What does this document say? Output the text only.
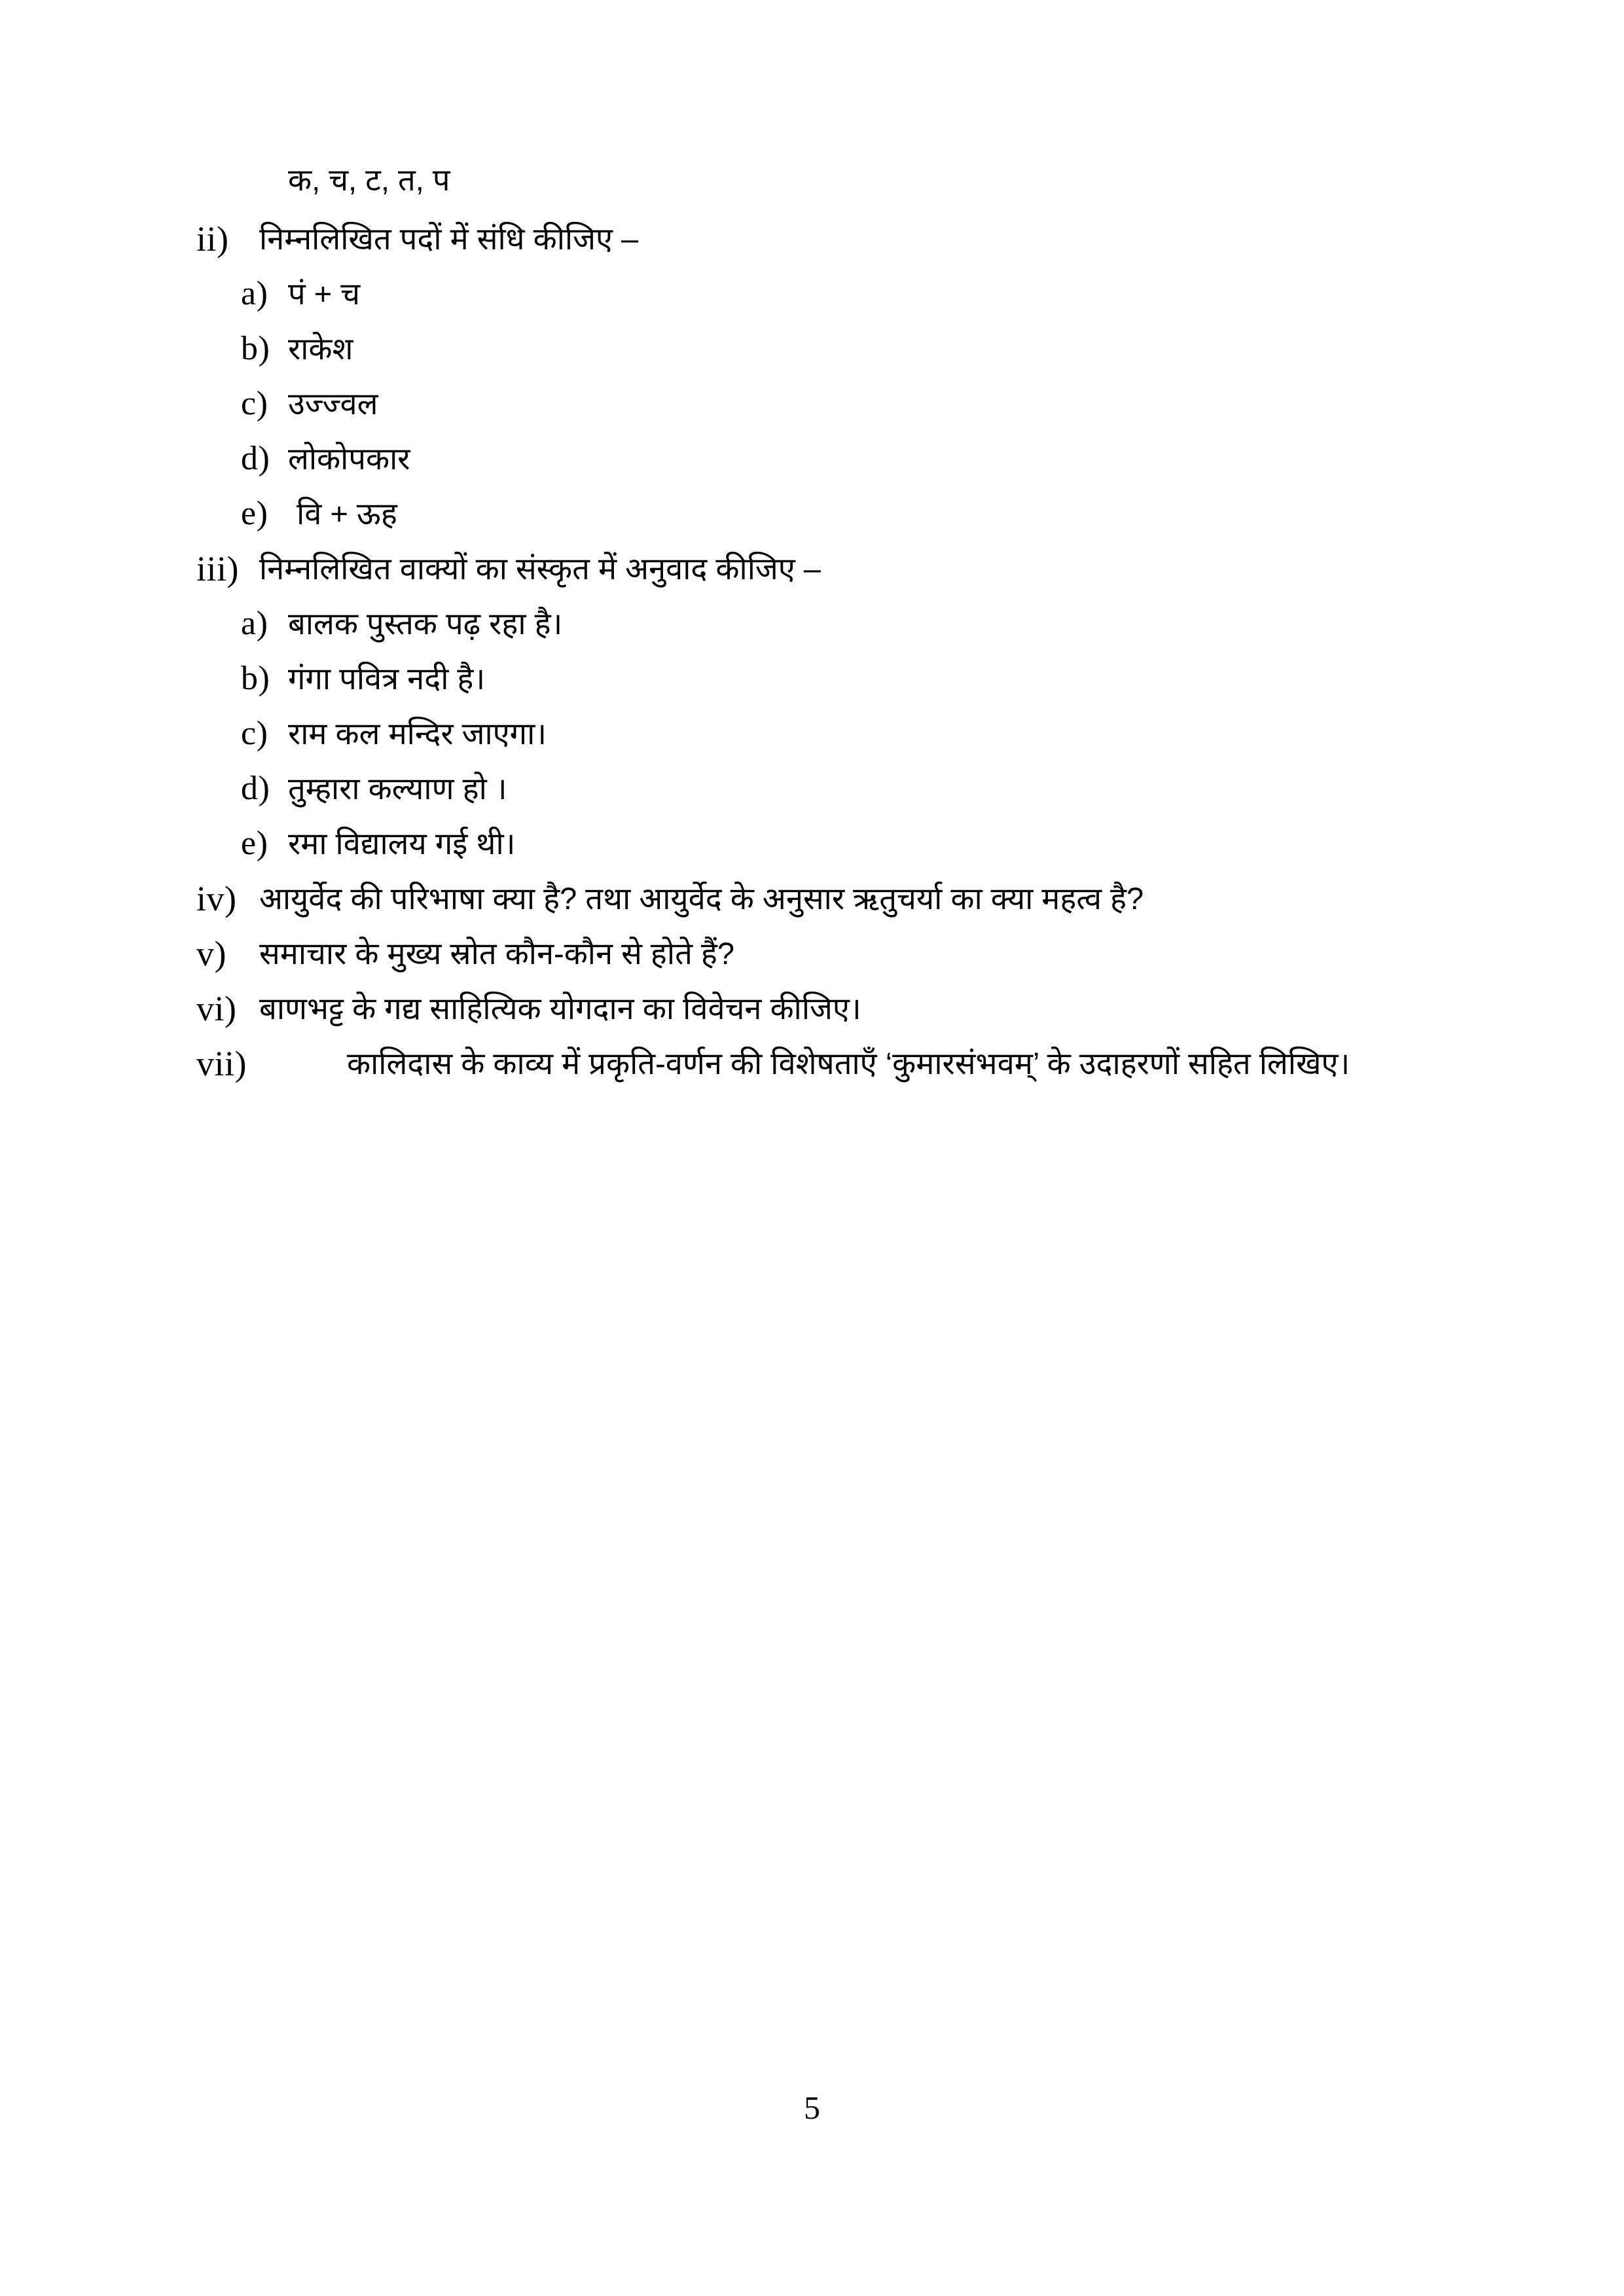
क, च, ट, त, प
ii) निम्नलिखित पदों में संधि कीजिए –
a) पं + च
b) राकेश
c) उज्ज्वल
d) लोकोपकार
e) वि + ऊह
iii) निम्नलिखित वाक्यों का संस्कृत में अनुवाद कीजिए –
a) बालक पुस्तक पढ़ रहा है।
b) गंगा पवित्र नदी है।
c) राम कल मन्दिर जाएगा।
d) तुम्हारा कल्याण हो ।
e) रमा विद्यालय गई थी।
iv) आयुर्वेद की परिभाषा क्या है? तथा आयुर्वेद के अनुसार ऋतुचर्या का क्या महत्व है?
v)	समाचार के मुख्य स्रोत कौन-कौन से होते हैं?
vi) बाणभट्ट के गद्य साहित्यिक योगदान का विवेचन कीजिए।
vii)	कालिदास के काव्य में प्रकृति-वर्णन की विशेषताएँ ‘कुमारसंभवम्’ के उदाहरणों सहित लिखिए।
5
